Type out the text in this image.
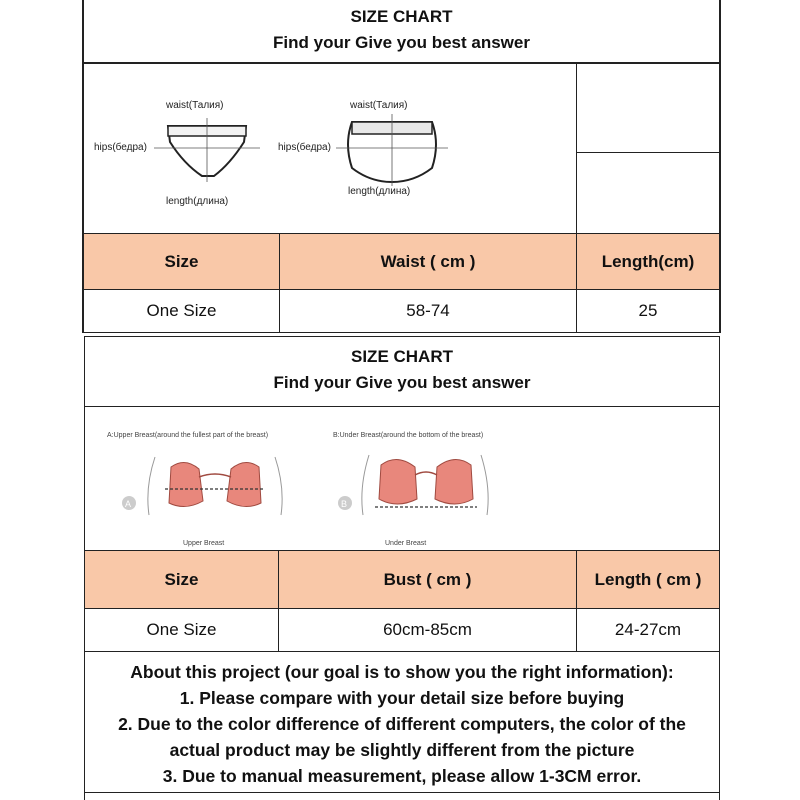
SIZE CHART
Find your Give you best answer
waist(Талия)
hips(бедра)
length(длина)
waist(Талия)
hips(бедра)
length(длина)
Size	Waist ( cm )	Length(cm)
One Size	58-74	25
SIZE CHART
Find your Give you best answer
A:Upper Breast(around the fullest part of the breast)	B:Under Breast(around the bottom of the breast)
A
Upper Breast
B
Under Breast
Size	Bust ( cm )	Length ( cm )
One Size	60cm-85cm	24-27cm
About this project (our goal is to show you the right information):
1. Please compare with your detail size before buying
2. Due to the color difference of different computers, the color of the
actual product may be slightly different from the picture
3. Due to manual measurement, please allow 1-3CM error.
